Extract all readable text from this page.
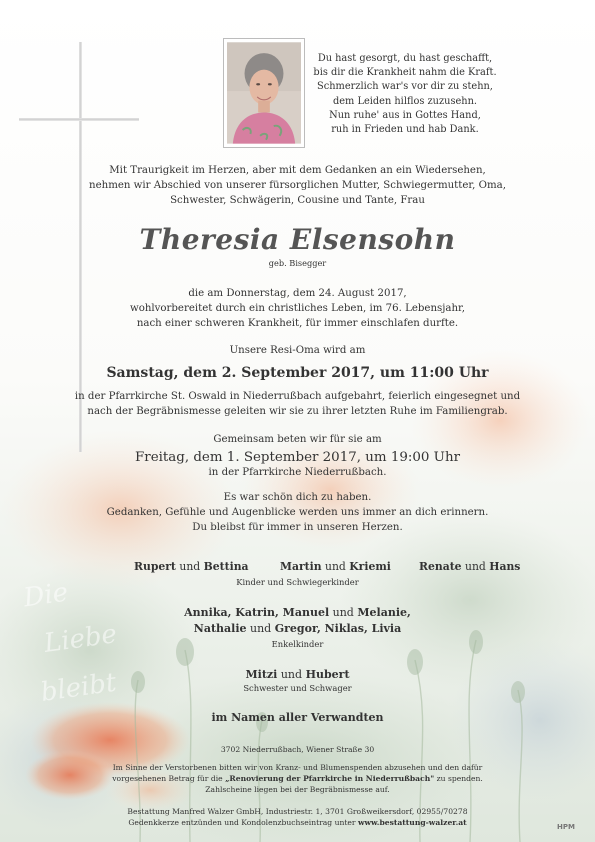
Du hast gesorgt, du hast geschafft,
bis dir die Krankheit nahm die Kraft.
Schmerzlich war's vor dir zu stehn,
dem Leiden hilflos zuzusehn.
Nun ruhe' aus in Gottes Hand,
ruh in Frieden und hab Dank.
Mit Traurigkeit im Herzen, aber mit dem Gedanken an ein Wiedersehen,
nehmen wir Abschied von unserer fürsorglichen Mutter, Schwiegermutter, Oma,
Schwester, Schwägerin, Cousine und Tante, Frau
Theresia Elsensohn
geb. Bisegger
die am Donnerstag, dem 24. August 2017,
wohlvorbereitet durch ein christliches Leben, im 76. Lebensjahr,
nach einer schweren Krankheit, für immer einschlafen durfte.
Unsere Resi-Oma wird am
Samstag, dem 2. September 2017, um 11:00 Uhr
in der Pfarrkirche St. Oswald in Niederrußbach aufgebahrt, feierlich eingesegnet und
nach der Begräbnismesse geleiten wir sie zu ihrer letzten Ruhe im Familiengrab.
Gemeinsam beten wir für sie am
Freitag, dem 1. September 2017, um 19:00 Uhr
in der Pfarrkirche Niederrußbach.
Es war schön dich zu haben.
Gedanken, Gefühle und Augenblicke werden uns immer an dich erinnern.
Du bleibst für immer in unseren Herzen.
Rupert und Bettina	Martin und Kriemi	Renate und Hans
Kinder und Schwiegerkinder
Annika, Katrin, Manuel und Melanie,
Nathalie und Gregor, Niklas, Livia
Enkelkinder
Mitzi und Hubert
Schwester und Schwager
im Namen aller Verwandten
3702 Niederrußbach, Wiener Straße 30
Im Sinne der Verstorbenen bitten wir von Kranz- und Blumenspenden abzusehen und den dafür
vorgesehenen Betrag für die „Renovierung der Pfarrkirche in Niederrußbach" zu spenden.
Zahlscheine liegen bei der Begräbnismesse auf.
Bestattung Manfred Walzer GmbH, Industriestr. 1, 3701 Großweikersdorf, 02955/70278
Gedenkkerze entzünden und Kondolenzbuchseintrag unter www.bestattung-walzer.at
Die
Liebe
bleibt
HPM
